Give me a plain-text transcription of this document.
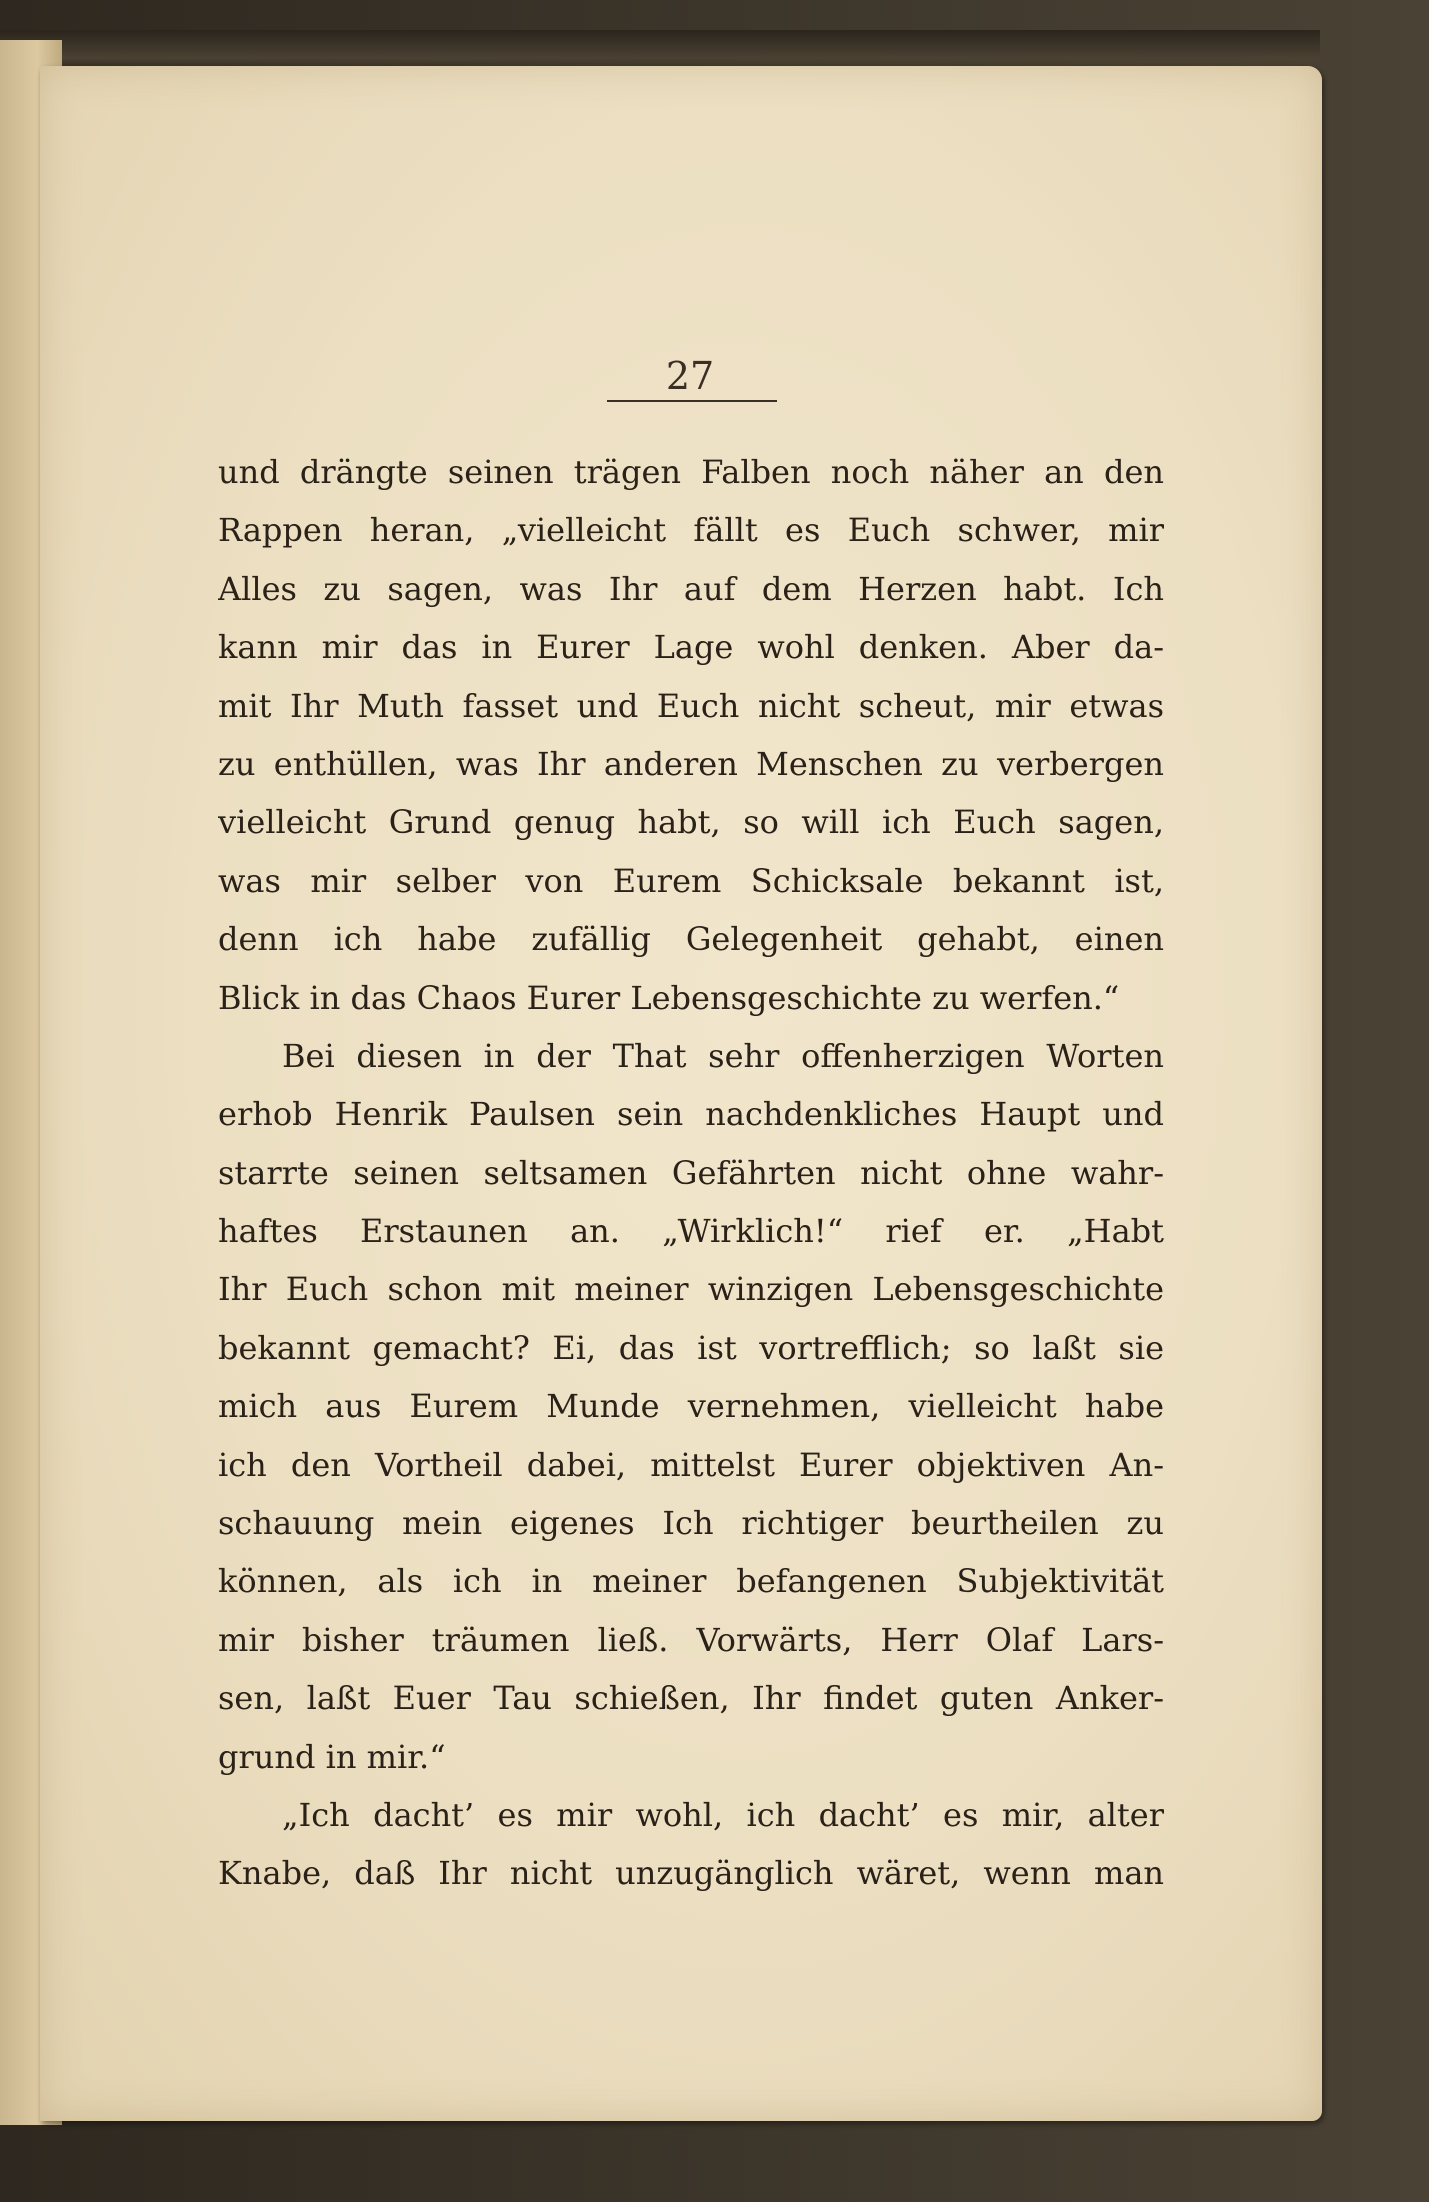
27

und drängte seinen trägen Falben noch näher an den
Rappen heran, „vielleicht fällt es Euch schwer, mir
Alles zu sagen, was Ihr auf dem Herzen habt. Ich
kann mir das in Eurer Lage wohl denken. Aber da-
mit Ihr Muth fasset und Euch nicht scheut, mir etwas
zu enthüllen, was Ihr anderen Menschen zu verbergen
vielleicht Grund genug habt, so will ich Euch sagen,
was mir selber von Eurem Schicksale bekannt ist,
denn ich habe zufällig Gelegenheit gehabt, einen
Blick in das Chaos Eurer Lebensgeschichte zu werfen.“
Bei diesen in der That sehr offenherzigen Worten
erhob Henrik Paulsen sein nachdenkliches Haupt und
starrte seinen seltsamen Gefährten nicht ohne wahr-
haftes Erstaunen an. „Wirklich!“ rief er. „Habt
Ihr Euch schon mit meiner winzigen Lebensgeschichte
bekannt gemacht? Ei, das ist vortrefflich; so laßt sie
mich aus Eurem Munde vernehmen, vielleicht habe
ich den Vortheil dabei, mittelst Eurer objektiven An-
schauung mein eigenes Ich richtiger beurtheilen zu
können, als ich in meiner befangenen Subjektivität
mir bisher träumen ließ. Vorwärts, Herr Olaf Lars-
sen, laßt Euer Tau schießen, Ihr findet guten Anker-
grund in mir.“
„Ich dacht’ es mir wohl, ich dacht’ es mir, alter
Knabe, daß Ihr nicht unzugänglich wäret, wenn man
